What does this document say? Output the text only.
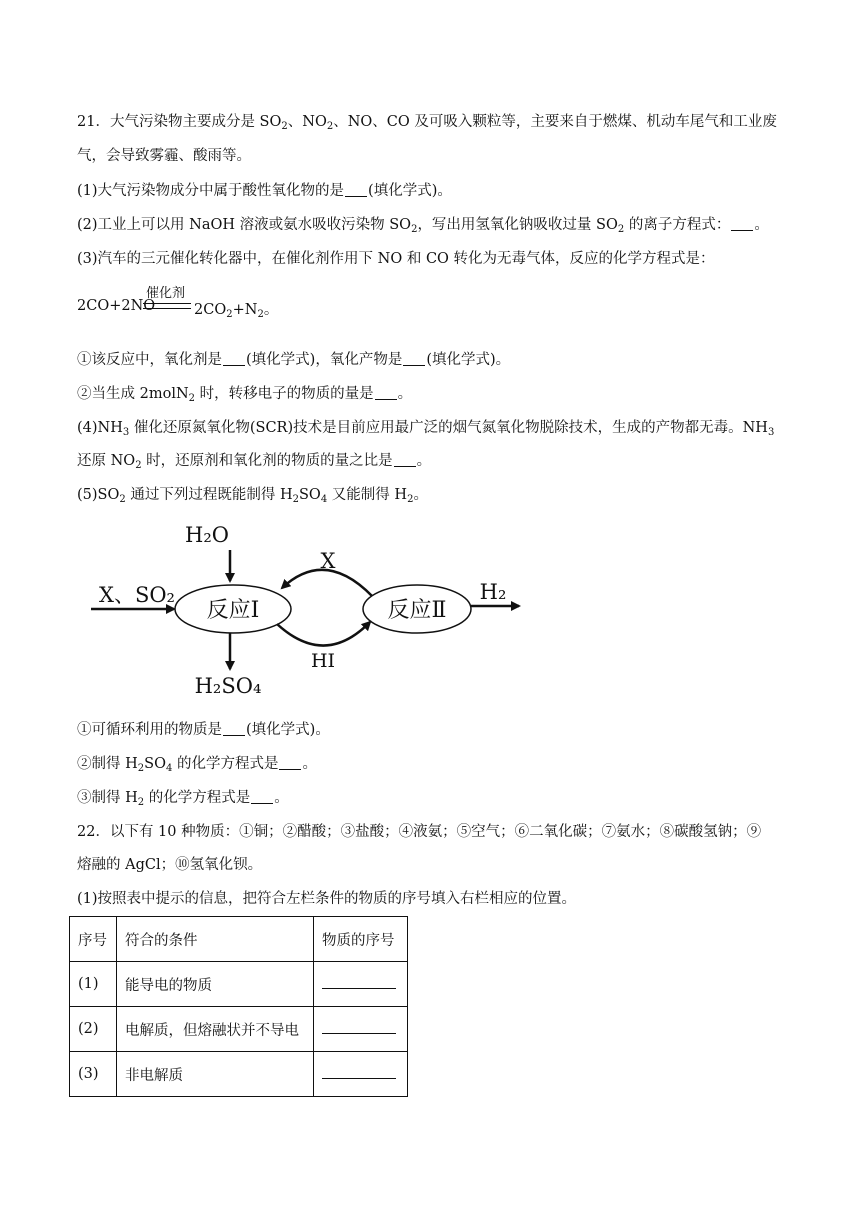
21．大气污染物主要成分是 $SO_2$、$NO_2$、NO、CO 及可吸入颗粒等，主要来自于燃煤、机动车尾气和工业废
气，会导致雾霾、酸雨等。
(1)大气污染物成分中属于酸性氧化物的是 (填化学式)。
(2)工业上可以用 NaOH 溶液或氨水吸收污染物 $SO_2$，写出用氢氧化钠吸收过量 $SO_2$ 的离子方程式： 。
(3)汽车的三元催化转化器中，在催化剂作用下 NO 和 CO 转化为无毒气体，反应的化学方程式是：
2CO+2NO
催化剂
$2CO_2+N_2$。
①该反应中，氧化剂是 (填化学式)，氧化产物是 (填化学式)。
②当生成 2molN$_2$ 时，转移电子的物质的量是 。
$(4)NH_3$ 催化还原氮氧化物(SCR)技术是目前应用最广泛的烟气氮氧化物脱除技术，生成的产物都无毒。$NH_3$
还原 $NO_2$ 时，还原剂和氧化剂的物质的量之比是 。
$(5)SO_2$ 通过下列过程既能制得 $H_2SO_4$ 又能制得 $H_2$。
H₂O
X、SO₂
反应Ⅰ	反应Ⅱ
X
HI
H₂
H₂SO₄
①可循环利用的物质是 (填化学式)。
②制得 $H_2SO_4$ 的化学方程式是 。
③制得 $H_2$ 的化学方程式是 。
22．以下有 10 种物质：①铜；②醋酸；③盐酸；④液氨；⑤空气；⑥二氧化碳；⑦氨水；⑧碳酸氢钠；⑨
熔融的 AgCl；⑩氢氧化钡。
(1)按照表中提示的信息，把符合左栏条件的物质的序号填入右栏相应的位置。
序号	符合的条件	物质的序号
(1)	能导电的物质	
(2)	电解质，但熔融状并不导电	
(3)	非电解质	
